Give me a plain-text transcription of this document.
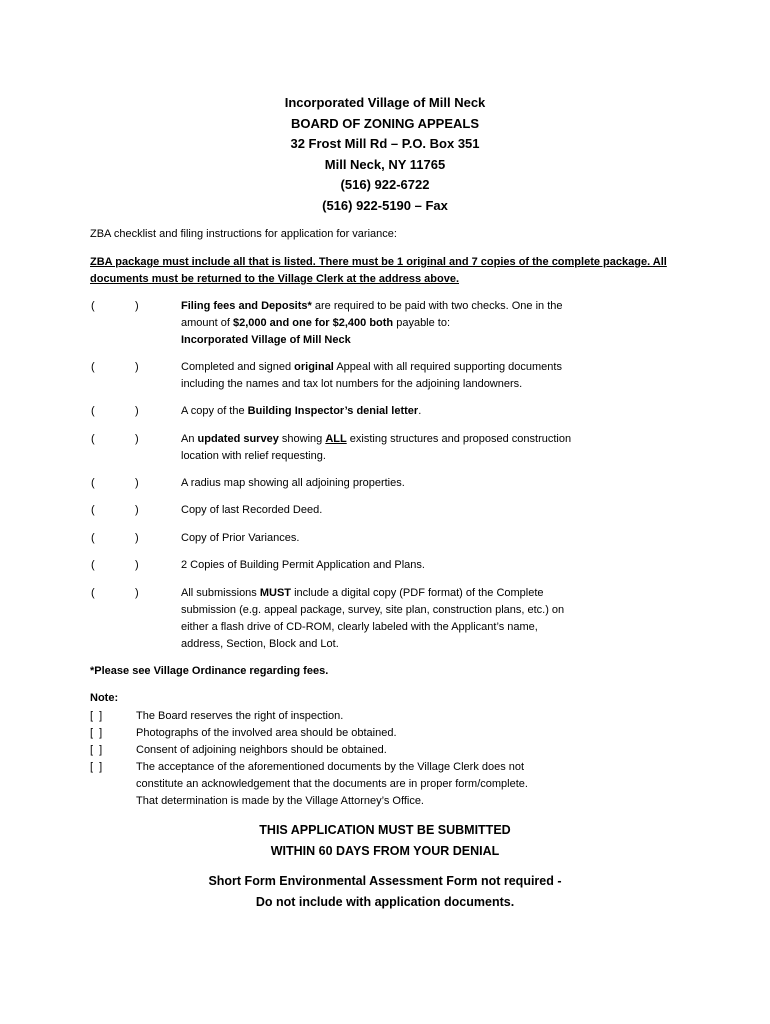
Incorporated Village of Mill Neck
BOARD OF ZONING APPEALS
32 Frost Mill Rd – P.O. Box 351
Mill Neck, NY 11765
(516) 922-6722
(516) 922-5190 – Fax
ZBA checklist and filing instructions for application for variance:
ZBA package must include all that is listed. There must be 1 original and 7 copies of the complete package. All
documents must be returned to the Village Clerk at the address above.
(	)	Filing fees and Deposits* are required to be paid with two checks. One in the
amount of $2,000 and one for $2,400 both payable to:
Incorporated Village of Mill Neck
(	)	Completed and signed original Appeal with all required supporting documents
including the names and tax lot numbers for the adjoining landowners.
(	)	A copy of the Building Inspector’s denial letter.
(	)	An updated survey showing ALL existing structures and proposed construction
location with relief requesting.
(	)	A radius map showing all adjoining properties.
(	)	Copy of last Recorded Deed.
(	)	Copy of Prior Variances.
(	)	2 Copies of Building Permit Application and Plans.
(	)	All submissions MUST include a digital copy (PDF format) of the Complete
submission (e.g. appeal package, survey, site plan, construction plans, etc.) on
either a flash drive of CD-ROM, clearly labeled with the Applicant’s name,
address, Section, Block and Lot.
*Please see Village Ordinance regarding fees.
Note:
[  ]	The Board reserves the right of inspection.
[  ]	Photographs of the involved area should be obtained.
[  ]	Consent of adjoining neighbors should be obtained.
[  ]	The acceptance of the aforementioned documents by the Village Clerk does not
constitute an acknowledgement that the documents are in proper form/complete.
That determination is made by the Village Attorney’s Office.
THIS APPLICATION MUST BE SUBMITTED
WITHIN 60 DAYS FROM YOUR DENIAL
Short Form Environmental Assessment Form not required -
Do not include with application documents.
